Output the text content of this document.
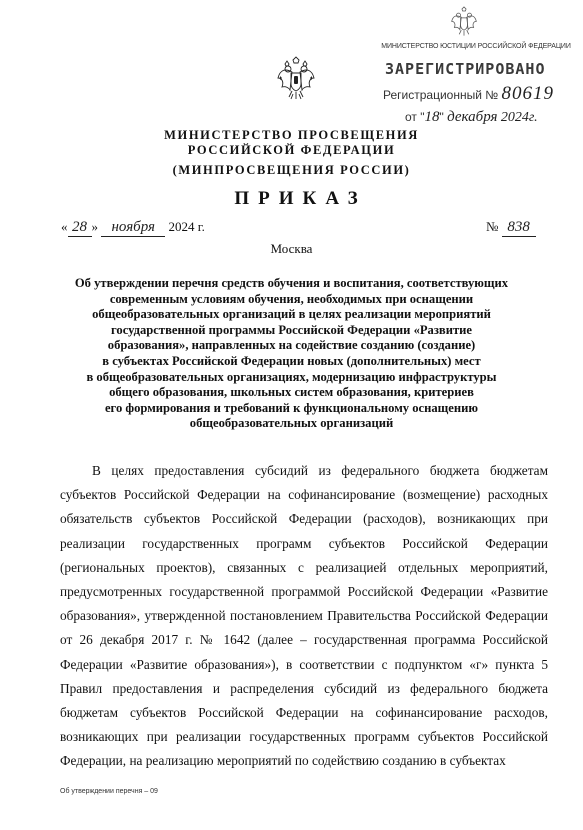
МИНИСТЕРСТВО ЮСТИЦИИ РОССИЙСКОЙ ФЕДЕРАЦИИ
ЗАРЕГИСТРИРОВАНО
Регистрационный № 80619
от "18" декабря 2024г.
МИНИСТЕРСТВО ПРОСВЕЩЕНИЯ
РОССИЙСКОЙ ФЕДЕРАЦИИ
(МИНПРОСВЕЩЕНИЯ РОССИИ)
ПРИКАЗ
« 28 » ноября 2024 г.	№ 838
Москва
Об утверждении перечня средств обучения и воспитания, соответствующих
современным условиям обучения, необходимых при оснащении
общеобразовательных организаций в целях реализации мероприятий
государственной программы Российской Федерации «Развитие
образования», направленных на содействие созданию (создание)
в субъектах Российской Федерации новых (дополнительных) мест
в общеобразовательных организациях, модернизацию инфраструктуры
общего образования, школьных систем образования, критериев
его формирования и требований к функциональному оснащению
общеобразовательных организаций
В целях предоставления субсидий из федерального бюджета бюджетам субъектов Российской Федерации на софинансирование (возмещение) расходных обязательств субъектов Российской Федерации (расходов), возникающих при реализации государственных программ субъектов Российской Федерации (региональных проектов), связанных с реализацией отдельных мероприятий, предусмотренных государственной программой Российской Федерации «Развитие образования», утвержденной постановлением Правительства Российской Федерации от 26 декабря 2017 г. № 1642 (далее – государственная программа Российской Федерации «Развитие образования»), в соответствии с подпунктом «г» пункта 5 Правил предоставления и распределения субсидий из федерального бюджета бюджетам субъектов Российской Федерации на софинансирование расходов, возникающих при реализации государственных программ субъектов Российской Федерации, на реализацию мероприятий по содействию созданию в субъектах
Об утверждении перечня – 09
